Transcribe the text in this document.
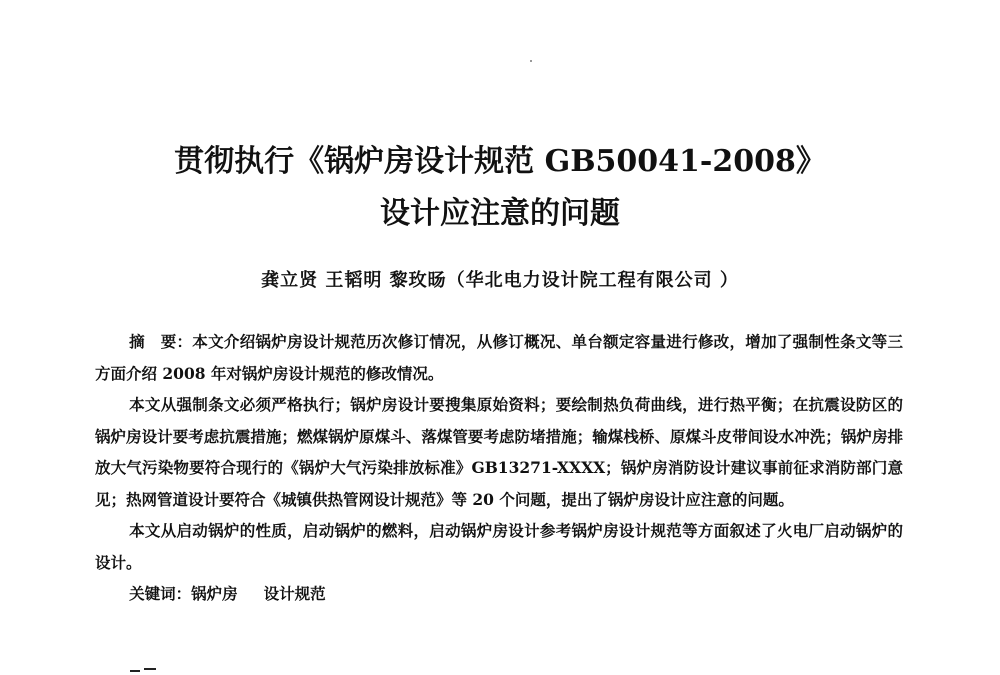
贯彻执行《锅炉房设计规范 GB50041-2008》
设计应注意的问题
龚立贤 王韬明 黎玫旸（华北电力设计院工程有限公司 ）

摘　要：本文介绍锅炉房设计规范历次修订情况，从修订概况、单台额定容量进行修改，增加了强制性条文等三方面介绍 2008 年对锅炉房设计规范的修改情况。

本文从强制条文必须严格执行；锅炉房设计要搜集原始资料；要绘制热负荷曲线，进行热平衡；在抗震设防区的锅炉房设计要考虑抗震措施；燃煤锅炉原煤斗、落煤管要考虑防堵措施；输煤栈桥、原煤斗皮带间设水冲洗；锅炉房排放大气污染物要符合现行的《锅炉大气污染排放标准》GB13271-XXXX；锅炉房消防设计建议事前征求消防部门意见；热网管道设计要符合《城镇供热管网设计规范》等 20 个问题，提出了锅炉房设计应注意的问题。

本文从启动锅炉的性质，启动锅炉的燃料，启动锅炉房设计参考锅炉房设计规范等方面叙述了火电厂启动锅炉的设计。

关键词：锅炉房 设计规范
